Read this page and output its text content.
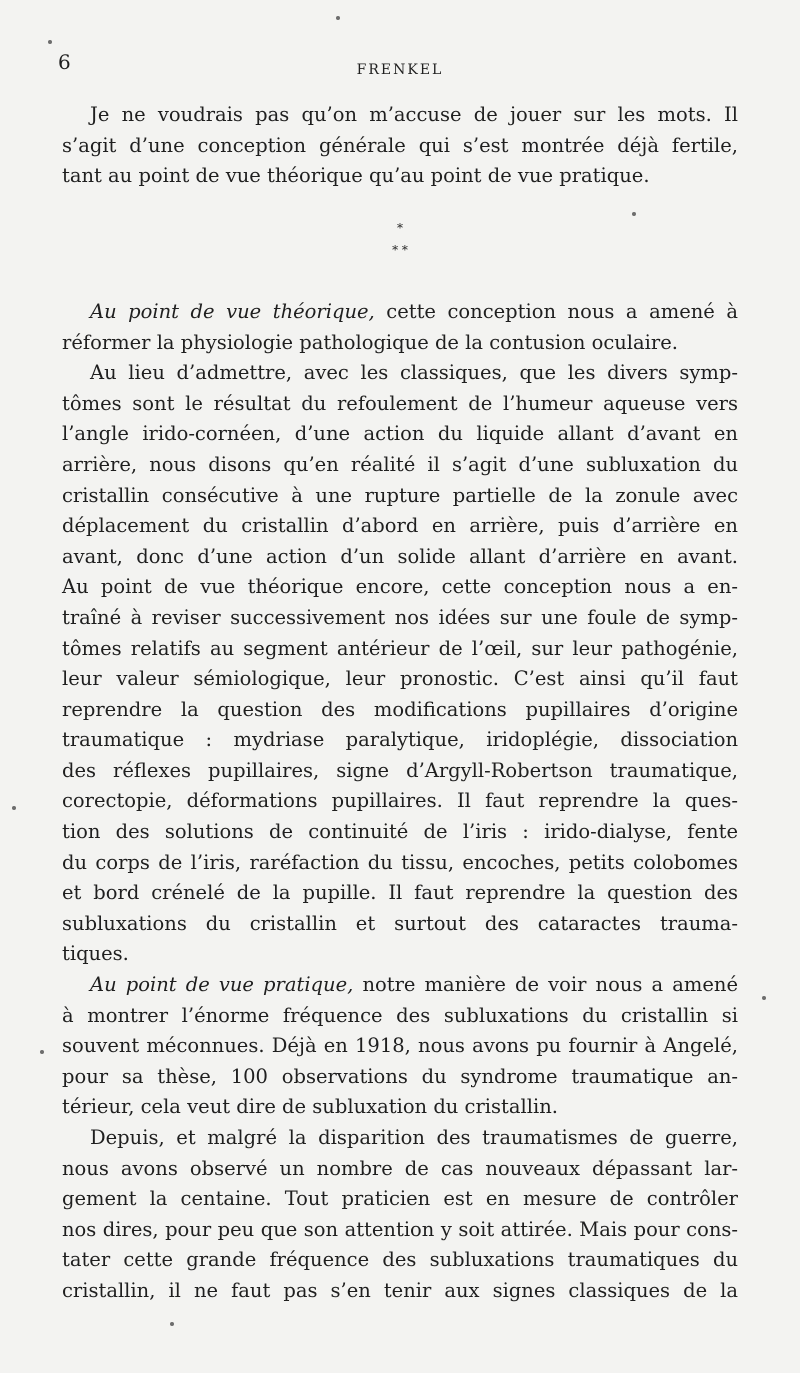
6	FRENKEL
Je ne voudrais pas qu’on m’accuse de jouer sur les mots. Il
s’agit d’une conception générale qui s’est montrée déjà fertile,
tant au point de vue théorique qu’au point de vue pratique.
*
* *
Au point de vue théorique, cette conception nous a amené à
réformer la physiologie pathologique de la contusion oculaire.
Au lieu d’admettre, avec les classiques, que les divers symp-
tômes sont le résultat du refoulement de l’humeur aqueuse vers
l’angle irido-cornéen, d’une action du liquide allant d’avant en
arrière, nous disons qu’en réalité il s’agit d’une subluxation du
cristallin consécutive à une rupture partielle de la zonule avec
déplacement du cristallin d’abord en arrière, puis d’arrière en
avant, donc d’une action d’un solide allant d’arrière en avant.
Au point de vue théorique encore, cette conception nous a en-
traîné à reviser successivement nos idées sur une foule de symp-
tômes relatifs au segment antérieur de l’œil, sur leur pathogénie,
leur valeur sémiologique, leur pronostic. C’est ainsi qu’il faut
reprendre la question des modifications pupillaires d’origine
traumatique : mydriase paralytique, iridoplégie, dissociation
des réflexes pupillaires, signe d’Argyll-Robertson traumatique,
corectopie, déformations pupillaires. Il faut reprendre la ques-
tion des solutions de continuité de l’iris : irido-dialyse, fente
du corps de l’iris, raréfaction du tissu, encoches, petits colobomes
et bord crénelé de la pupille. Il faut reprendre la question des
subluxations du cristallin et surtout des cataractes trauma-
tiques.
Au point de vue pratique, notre manière de voir nous a amené
à montrer l’énorme fréquence des subluxations du cristallin si
souvent méconnues. Déjà en 1918, nous avons pu fournir à Angelé,
pour sa thèse, 100 observations du syndrome traumatique an-
térieur, cela veut dire de subluxation du cristallin.
Depuis, et malgré la disparition des traumatismes de guerre,
nous avons observé un nombre de cas nouveaux dépassant lar-
gement la centaine. Tout praticien est en mesure de contrôler
nos dires, pour peu que son attention y soit attirée. Mais pour cons-
tater cette grande fréquence des subluxations traumatiques du
cristallin, il ne faut pas s’en tenir aux signes classiques de la
